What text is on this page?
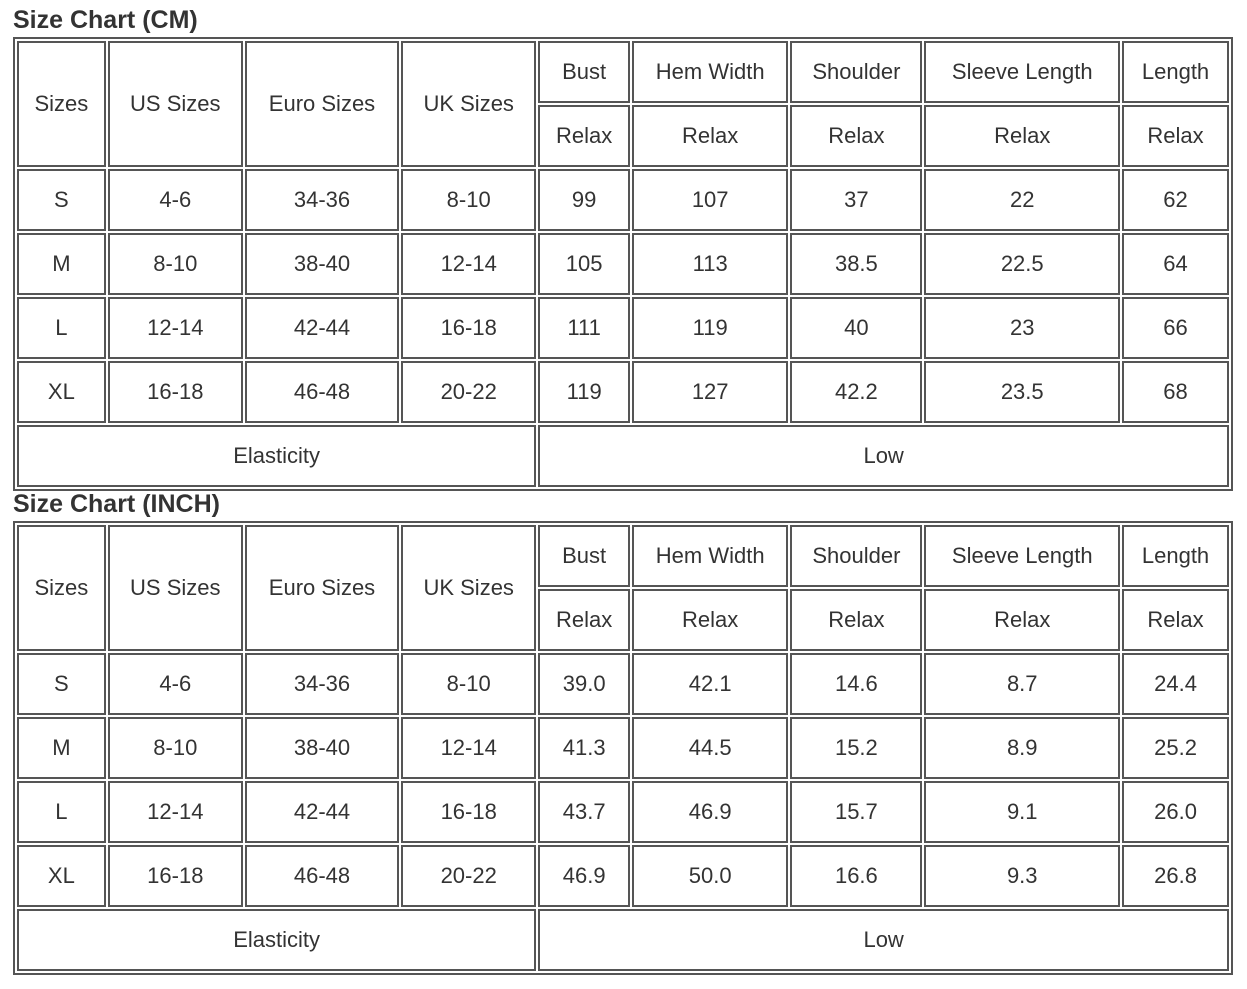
Size Chart (CM)
Sizes	US Sizes	Euro Sizes	UK Sizes	Bust	Hem Width	Shoulder	Sleeve Length	Length
				Relax	Relax	Relax	Relax	Relax
S	4-6	34-36	8-10	99	107	37	22	62
M	8-10	38-40	12-14	105	113	38.5	22.5	64
L	12-14	42-44	16-18	111	119	40	23	66
XL	16-18	46-48	20-22	119	127	42.2	23.5	68
Elasticity				Low				
Size Chart (INCH)
Sizes	US Sizes	Euro Sizes	UK Sizes	Bust	Hem Width	Shoulder	Sleeve Length	Length
				Relax	Relax	Relax	Relax	Relax
S	4-6	34-36	8-10	39.0	42.1	14.6	8.7	24.4
M	8-10	38-40	12-14	41.3	44.5	15.2	8.9	25.2
L	12-14	42-44	16-18	43.7	46.9	15.7	9.1	26.0
XL	16-18	46-48	20-22	46.9	50.0	16.6	9.3	26.8
Elasticity				Low				
